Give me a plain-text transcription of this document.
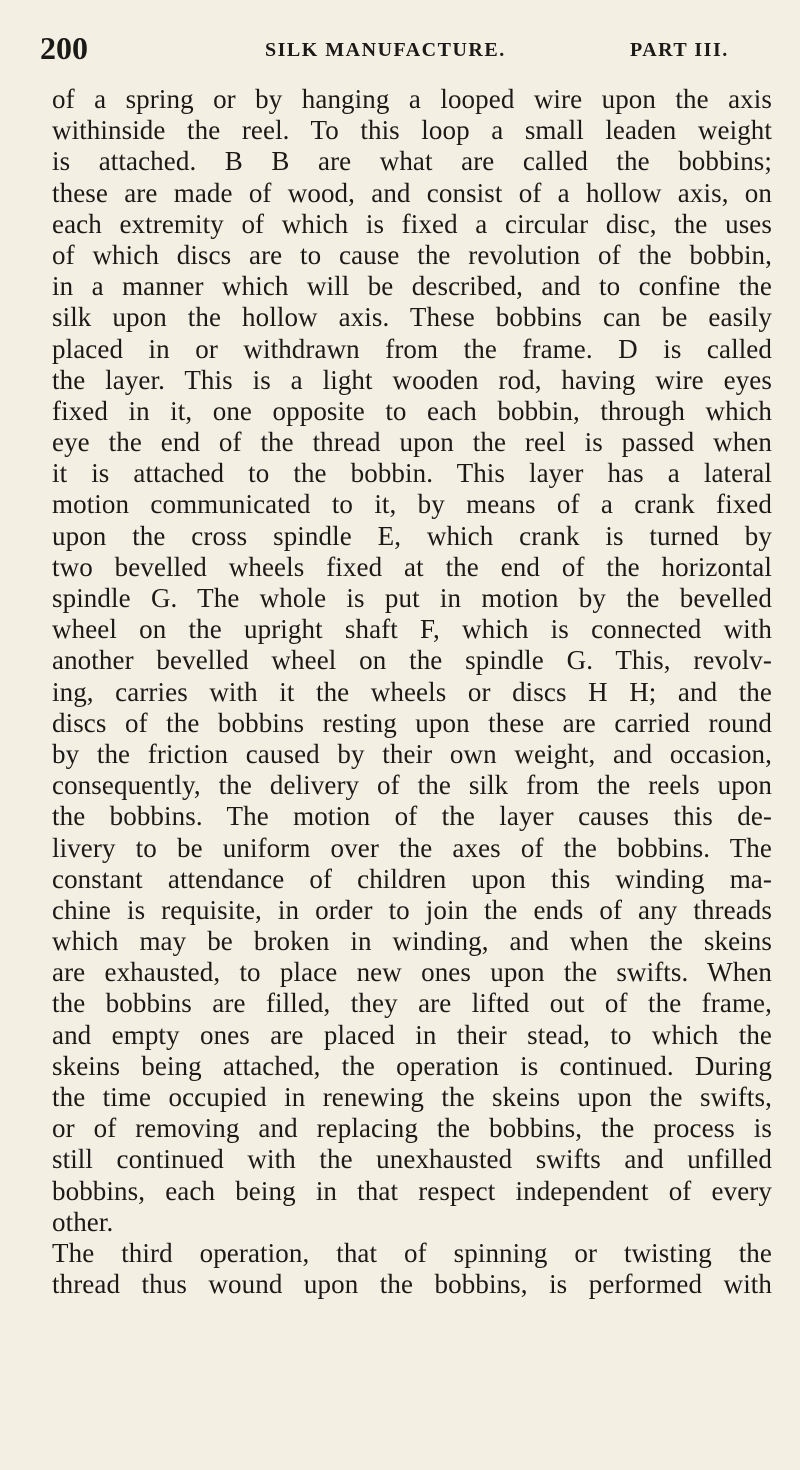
200	SILK MANUFACTURE.	PART III.
of a spring or by hanging a looped wire upon the axis
withinside the reel. To this loop a small leaden weight
is attached. B B are what are called the bobbins;
these are made of wood, and consist of a hollow axis, on
each extremity of which is fixed a circular disc, the uses
of which discs are to cause the revolution of the bobbin,
in a manner which will be described, and to confine the
silk upon the hollow axis. These bobbins can be easily
placed in or withdrawn from the frame. D is called
the layer. This is a light wooden rod, having wire eyes
fixed in it, one opposite to each bobbin, through which
eye the end of the thread upon the reel is passed when
it is attached to the bobbin. This layer has a lateral
motion communicated to it, by means of a crank fixed
upon the cross spindle E, which crank is turned by
two bevelled wheels fixed at the end of the horizontal
spindle G. The whole is put in motion by the bevelled
wheel on the upright shaft F, which is connected with
another bevelled wheel on the spindle G. This, revolv-
ing, carries with it the wheels or discs H H; and the
discs of the bobbins resting upon these are carried round
by the friction caused by their own weight, and occasion,
consequently, the delivery of the silk from the reels upon
the bobbins. The motion of the layer causes this de-
livery to be uniform over the axes of the bobbins. The
constant attendance of children upon this winding ma-
chine is requisite, in order to join the ends of any threads
which may be broken in winding, and when the skeins
are exhausted, to place new ones upon the swifts. When
the bobbins are filled, they are lifted out of the frame,
and empty ones are placed in their stead, to which the
skeins being attached, the operation is continued. During
the time occupied in renewing the skeins upon the swifts,
or of removing and replacing the bobbins, the process is
still continued with the unexhausted swifts and unfilled
bobbins, each being in that respect independent of every
other.
The third operation, that of spinning or twisting the
thread thus wound upon the bobbins, is performed with
